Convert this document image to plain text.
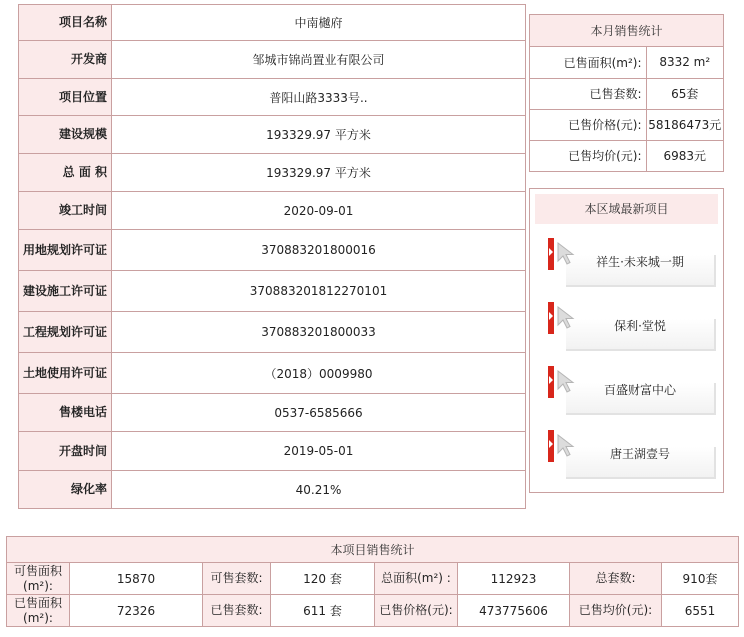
项目名称	中南樾府
开发商	邹城市锦尚置业有限公司
项目位置	普阳山路3333号..
建设规模	193329.97 平方米
总 面 积	193329.97 平方米
竣工时间	2020-09-01
用地规划许可证	370883201800016
建设施工许可证	370883201812270101
工程规划许可证	370883201800033
土地使用许可证	（2018）0009980
售楼电话	0537-6585666
开盘时间	2019-05-01
绿化率	40.21%
本月销售统计
已售面积(m²):	8332 m²
已售套数:	65套
已售价格(元):	58186473元
已售均价(元):	6983元
本区域最新项目
祥生·未来城一期
保利·堂悦
百盛财富中心
唐王湖壹号
本项目销售统计							
可售面积(m²):	15870	可售套数:	120 套	总面积(m²) :	112923	总套数:	910套
已售面积(m²):	72326	已售套数:	611 套	已售价格(元):	473775606	已售均价(元):	6551
